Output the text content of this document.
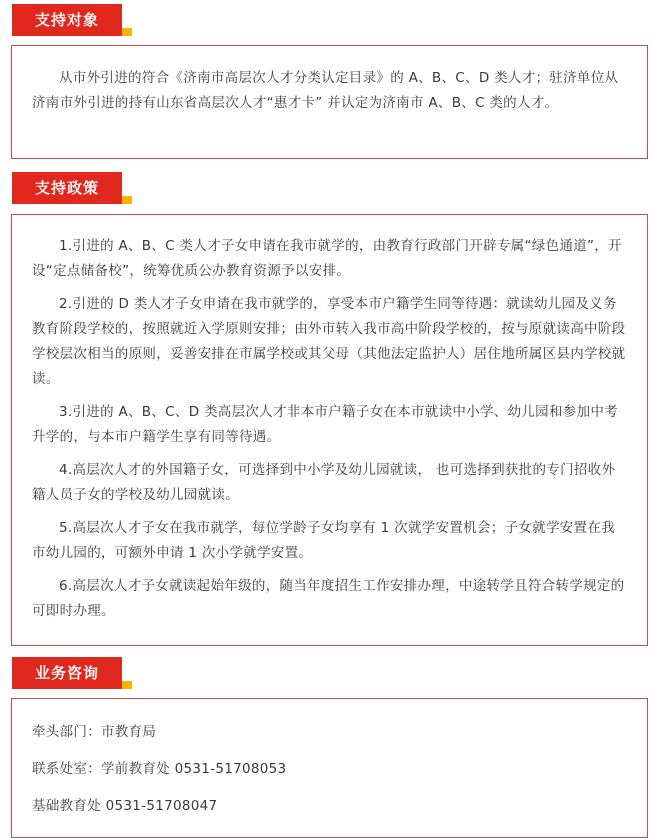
支持对象

从市外引进的符合《济南市高层次人才分类认定目录》的 A、B、C、D 类人才；驻济单位从济南市外引进的持有山东省高层次人才“惠才卡” 并认定为济南市 A、B、C 类的人才。

支持政策

1.引进的 A、B、C 类人才子女申请在我市就学的，由教育行政部门开辟专属“绿色通道”，开设“定点储备校”，统筹优质公办教育资源予以安排。

2.引进的 D 类人才子女申请在我市就学的，享受本市户籍学生同等待遇：就读幼儿园及义务教育阶段学校的，按照就近入学原则安排；由外市转入我市高中阶段学校的，按与原就读高中阶段学校层次相当的原则，妥善安排在市属学校或其父母（其他法定监护人）居住地所属区县内学校就读。

3.引进的 A、B、C、D 类高层次人才非本市户籍子女在本市就读中小学、幼儿园和参加中考升学的，与本市户籍学生享有同等待遇。

4.高层次人才的外国籍子女，可选择到中小学及幼儿园就读， 也可选择到获批的专门招收外籍人员子女的学校及幼儿园就读。

5.高层次人才子女在我市就学，每位学龄子女均享有 1 次就学安置机会；子女就学安置在我市幼儿园的，可额外申请 1 次小学就学安置。

6.高层次人才子女就读起始年级的，随当年度招生工作安排办理，中途转学且符合转学规定的可即时办理。

业务咨询

牵头部门：市教育局

联系处室：学前教育处 0531-51708053

基础教育处 0531-51708047
